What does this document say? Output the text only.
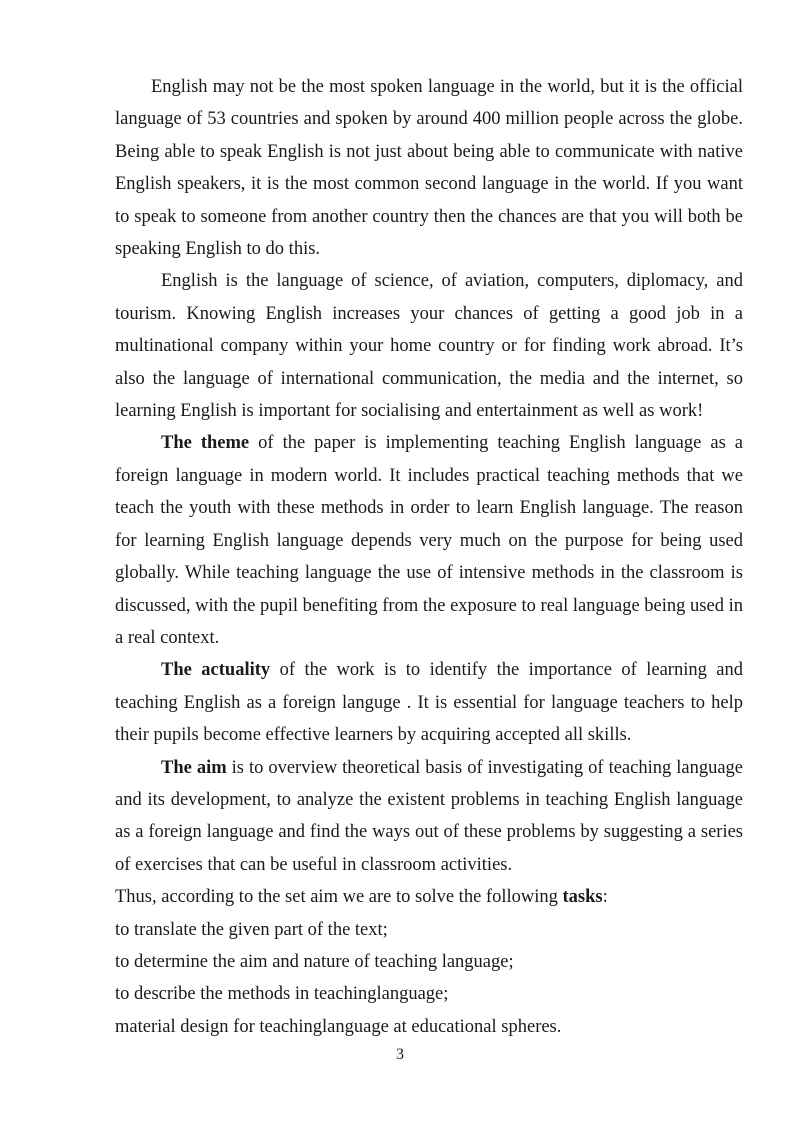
English may not be the most spoken language in the world, but it is the official language of 53 countries and spoken by around 400 million people across the globe. Being able to speak English is not just about being able to communicate with native English speakers, it is the most common second language in the world. If you want to speak to someone from another country then the chances are that you will both be speaking English to do this.

English is the language of science, of aviation, computers, diplomacy, and tourism. Knowing English increases your chances of getting a good job in a multinational company within your home country or for finding work abroad. It’s also the language of international communication, the media and the internet, so learning English is important for socialising and entertainment as well as work!

The theme of the paper is implementing teaching English language as a foreign language in modern world. It includes practical teaching methods that we teach the youth with these methods in order to learn English language. The reason for learning English language depends very much on the purpose for being used globally. While teaching language the use of intensive methods in the classroom is discussed, with the pupil benefiting from the exposure to real language being used in a real context.

The actuality of the work is to identify the importance of learning and teaching English as a foreign languge . It is essential for language teachers to help their pupils become effective learners by acquiring accepted all skills.

The aim is to overview theoretical basis of investigating of teaching language and its development, to analyze the existent problems in teaching English language as a foreign language and find the ways out of these problems by suggesting a series of exercises that can be useful in classroom activities.

Thus, according to the set aim we are to solve the following tasks:

to translate the given part of the text;

to determine the aim and nature of teaching language;

to describe the methods in teachinglanguage;

material design for teachinglanguage at educational spheres.

3
